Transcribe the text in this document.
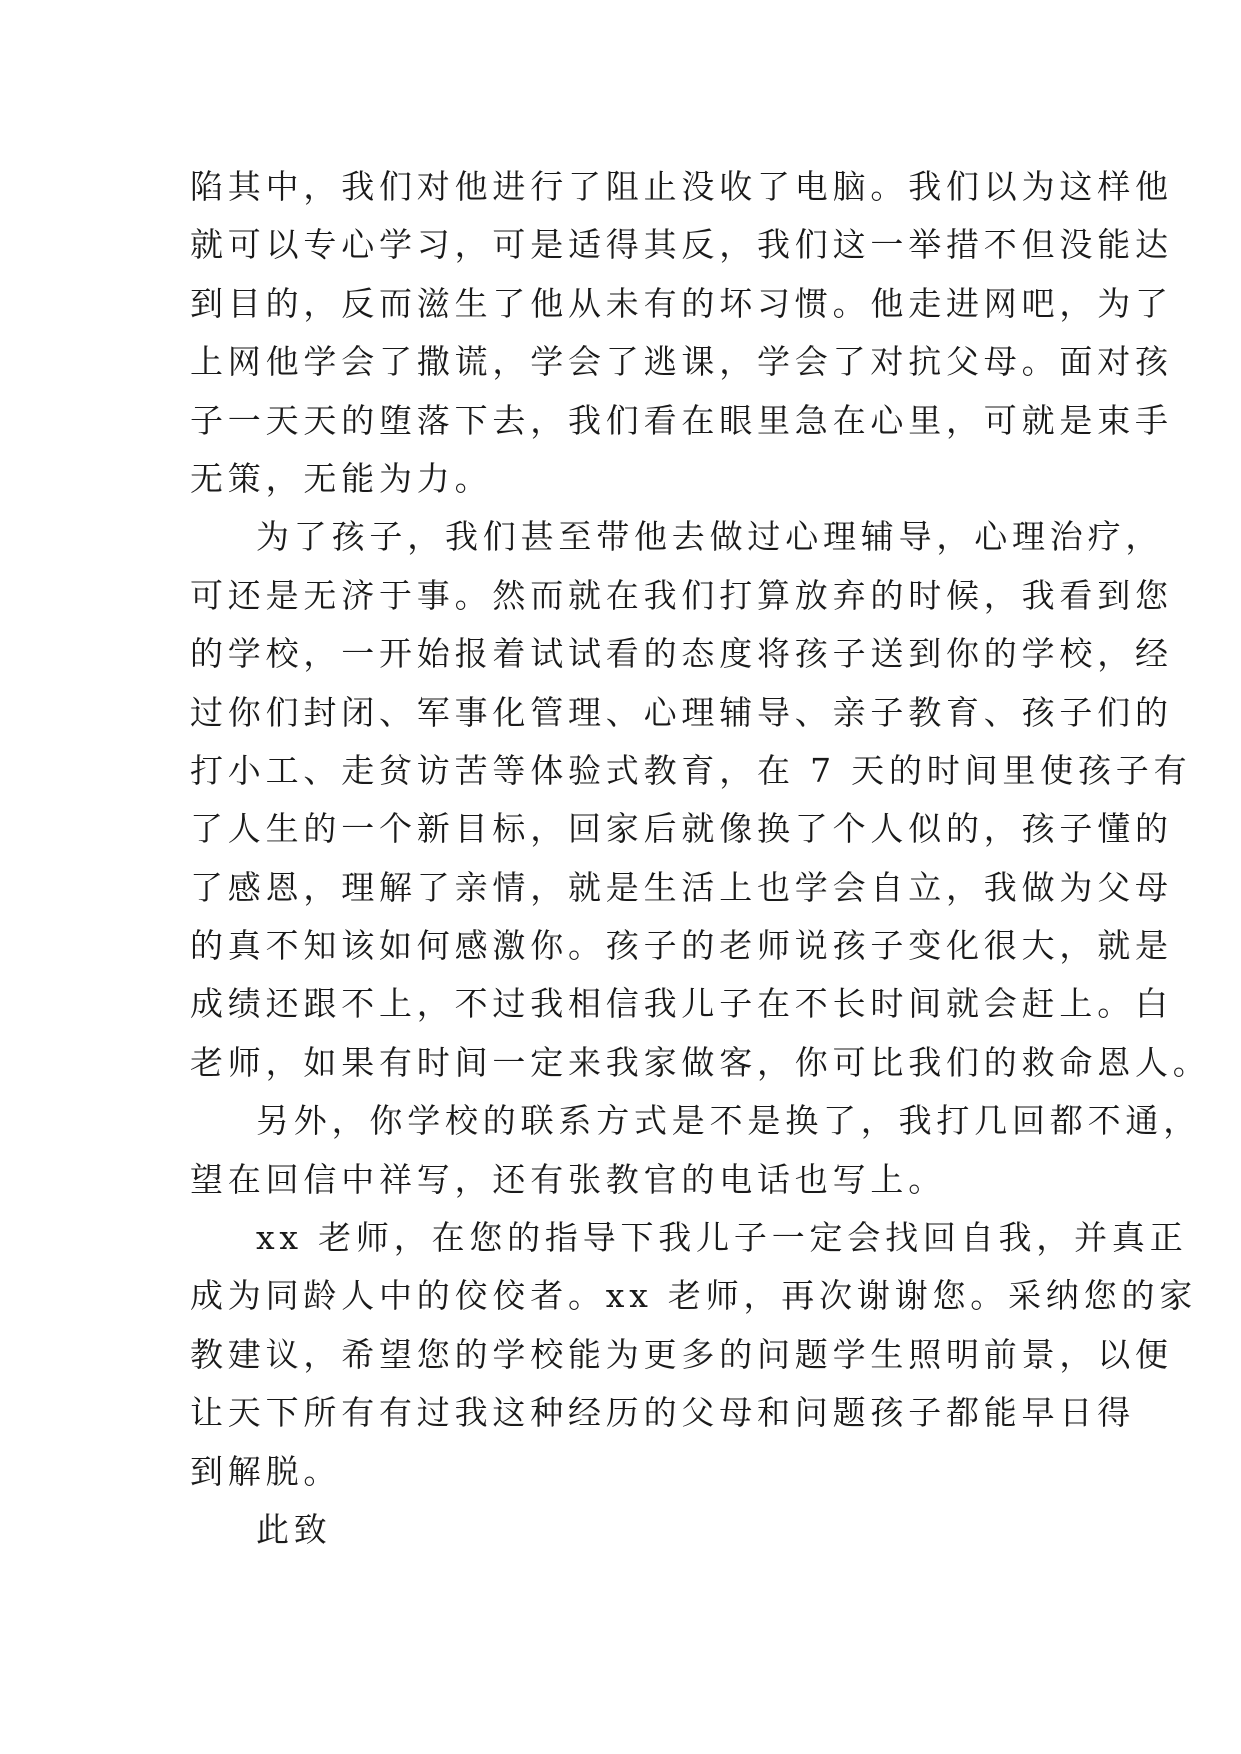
陷其中，我们对他进行了阻止没收了电脑。我们以为这样他
就可以专心学习，可是适得其反，我们这一举措不但没能达
到目的，反而滋生了他从未有的坏习惯。他走进网吧，为了
上网他学会了撒谎，学会了逃课，学会了对抗父母。面对孩
子一天天的堕落下去，我们看在眼里急在心里，可就是束手
无策，无能为力。
为了孩子，我们甚至带他去做过心理辅导，心理治疗，
可还是无济于事。然而就在我们打算放弃的时候，我看到您
的学校，一开始报着试试看的态度将孩子送到你的学校，经
过你们封闭、军事化管理、心理辅导、亲子教育、孩子们的
打小工、走贫访苦等体验式教育，在 7 天的时间里使孩子有
了人生的一个新目标，回家后就像换了个人似的，孩子懂的
了感恩，理解了亲情，就是生活上也学会自立，我做为父母
的真不知该如何感激你。孩子的老师说孩子变化很大，就是
成绩还跟不上，不过我相信我儿子在不长时间就会赶上。白
老师，如果有时间一定来我家做客，你可比我们的救命恩人。
另外，你学校的联系方式是不是换了，我打几回都不通，
望在回信中祥写，还有张教官的电话也写上。
xx 老师，在您的指导下我儿子一定会找回自我，并真正
成为同龄人中的佼佼者。xx 老师，再次谢谢您。采纳您的家
教建议，希望您的学校能为更多的问题学生照明前景，以便
让天下所有有过我这种经历的父母和问题孩子都能早日得
到解脱。
此致
